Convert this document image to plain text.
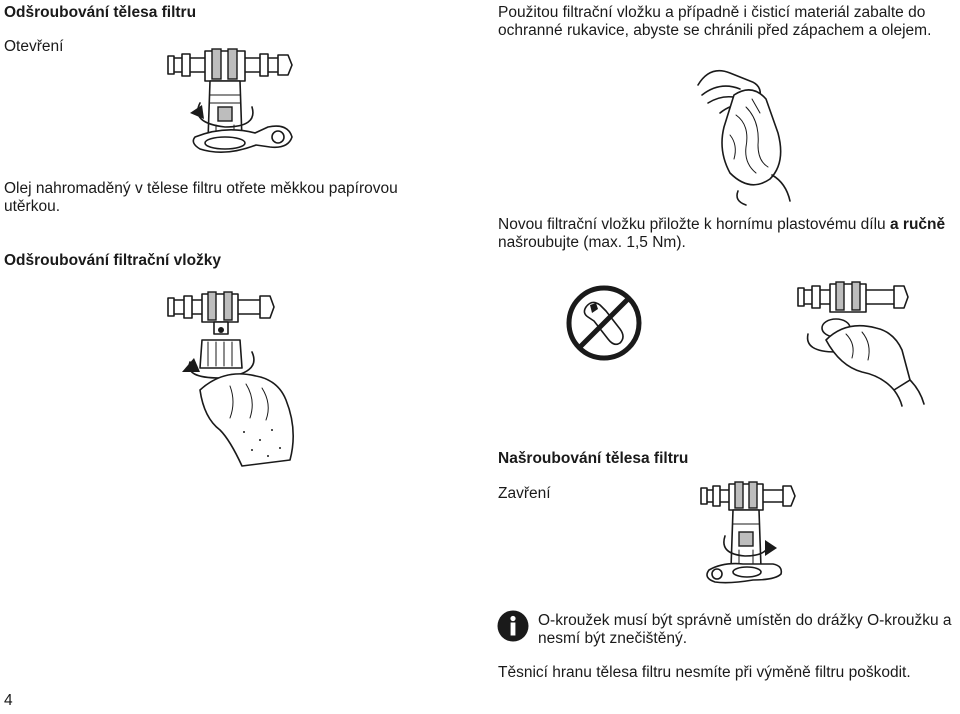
Odšroubování tělesa filtru
Otevření
Olej nahromaděný v tělese filtru otřete měkkou papírovou utěrkou.
Odšroubování filtrační vložky
4
Použitou filtrační vložku a případně i čisticí materiál zabalte do ochranné rukavice, abyste se chránili před zápachem a olejem.
Novou filtrační vložku přiložte k hornímu plastovému dílu a ručně našroubujte (max. 1,5 Nm).
Našroubování tělesa filtru
Zavření
O-kroužek musí být správně umístěn do drážky O-kroužku a nesmí být znečištěný.
Těsnicí hranu tělesa filtru nesmíte při výměně filtru poškodit.
